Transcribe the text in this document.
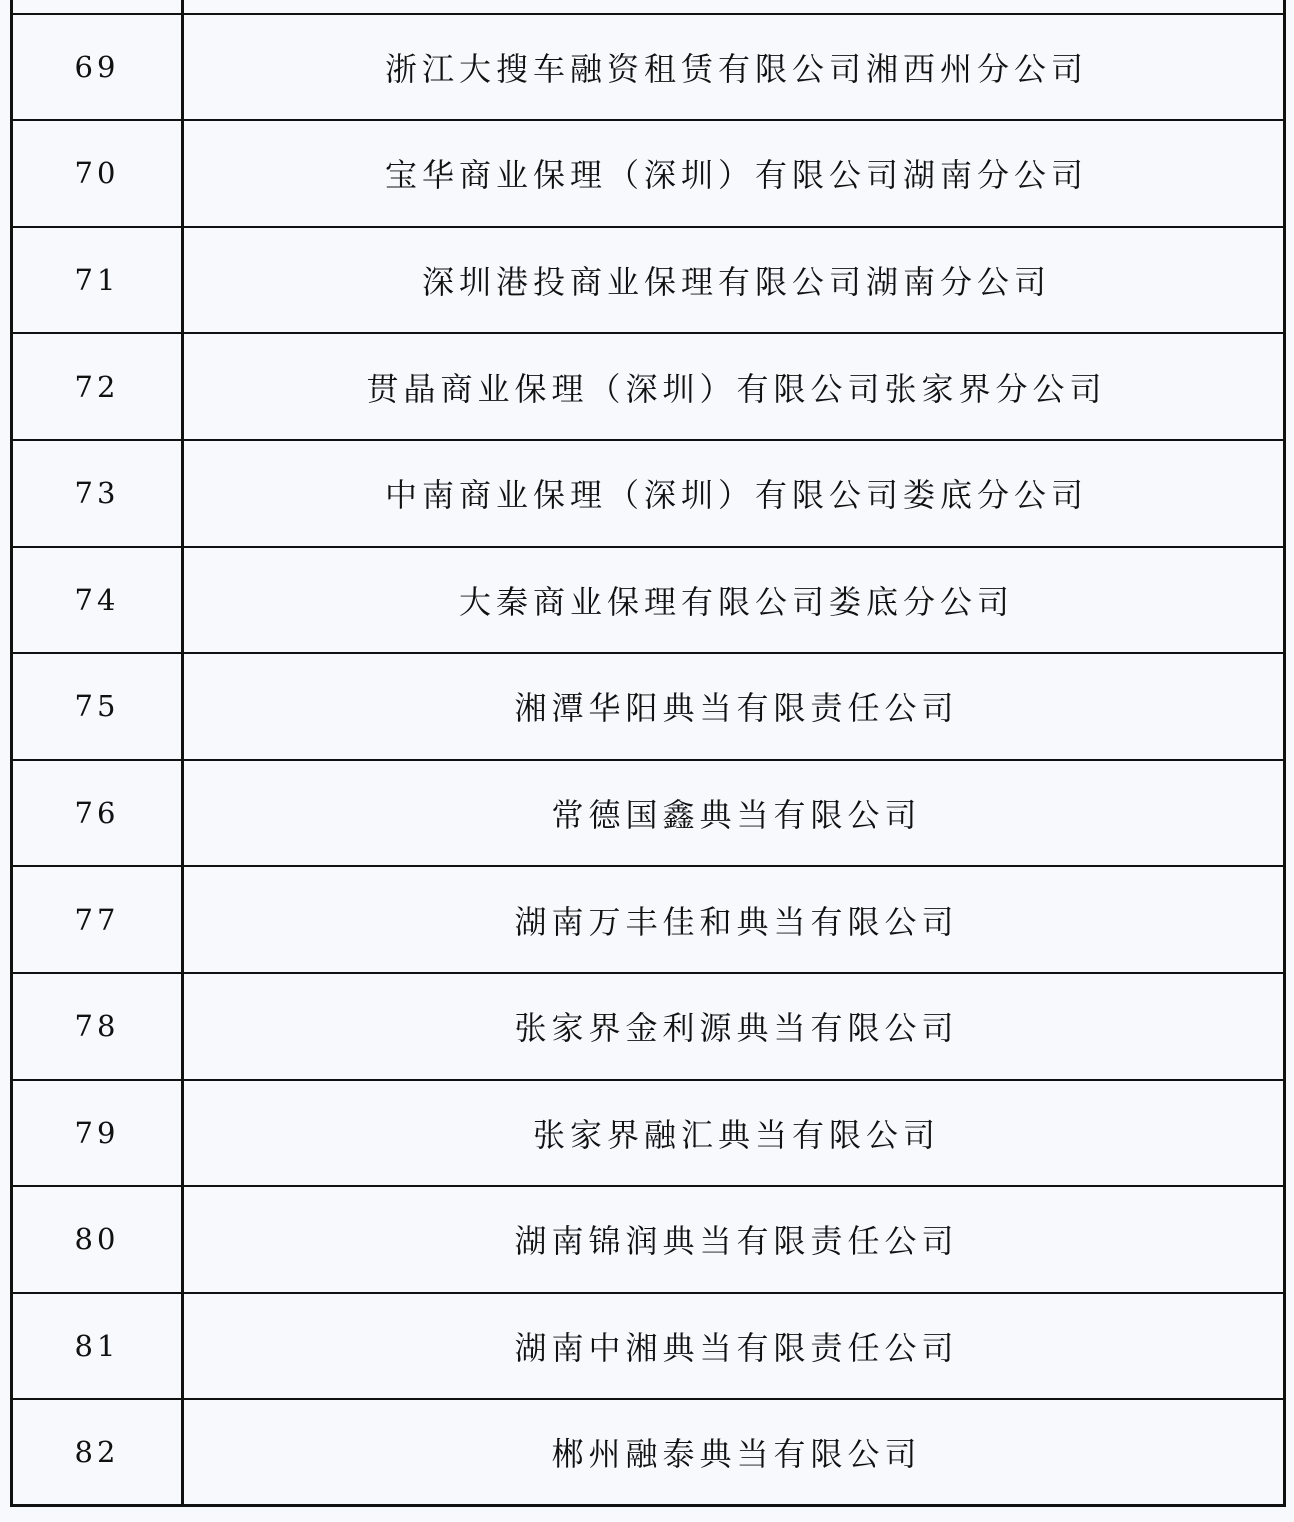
69	浙江大搜车融资租赁有限公司湘西州分公司
70	宝华商业保理（深圳）有限公司湖南分公司
71	深圳港投商业保理有限公司湖南分公司
72	贯晶商业保理（深圳）有限公司张家界分公司
73	中南商业保理（深圳）有限公司娄底分公司
74	大秦商业保理有限公司娄底分公司
75	湘潭华阳典当有限责任公司
76	常德国鑫典当有限公司
77	湖南万丰佳和典当有限公司
78	张家界金利源典当有限公司
79	张家界融汇典当有限公司
80	湖南锦润典当有限责任公司
81	湖南中湘典当有限责任公司
82	郴州融泰典当有限公司
